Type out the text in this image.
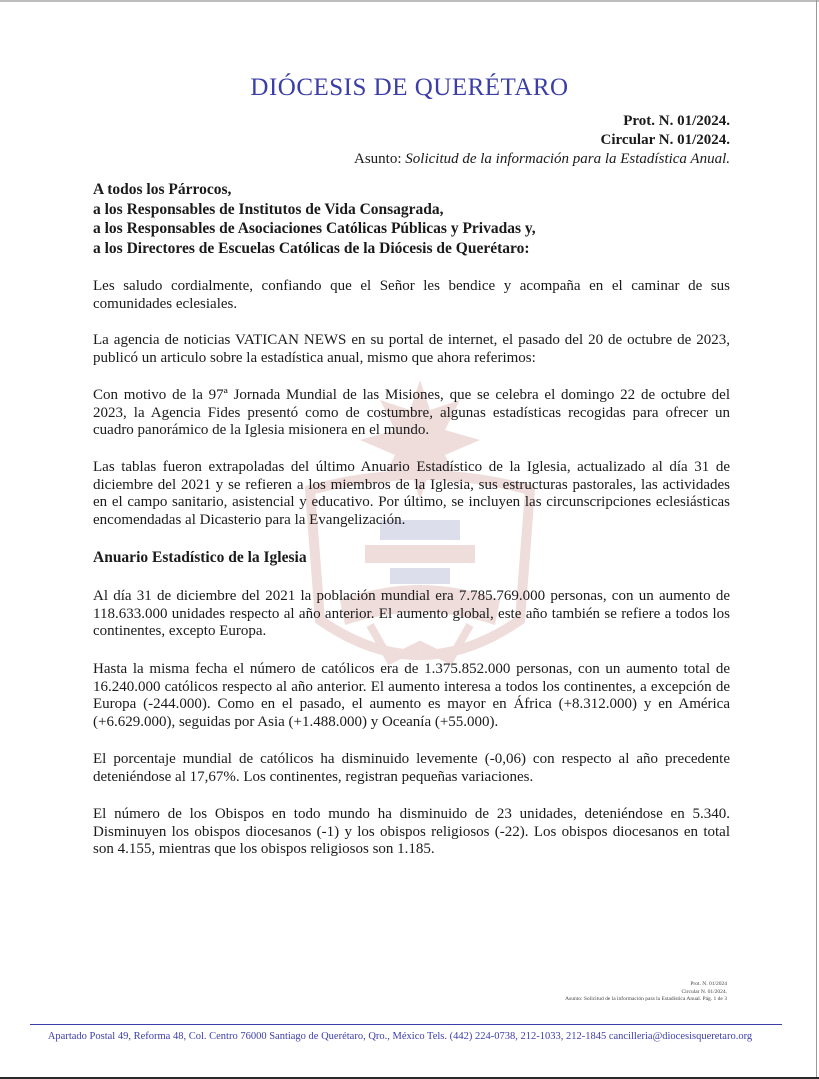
DIÓCESIS DE QUERÉTARO
Prot. N. 01/2024.
Circular N. 01/2024.
Asunto: Solicitud de la información para la Estadística Anual.
A todos los Párrocos,
a los Responsables de Institutos de Vida Consagrada,
a los Responsables de Asociaciones Católicas Públicas y Privadas y,
a los Directores de Escuelas Católicas de la Diócesis de Querétaro:
Les saludo cordialmente, confiando que el Señor les bendice y acompaña en el caminar de sus comunidades eclesiales.
La agencia de noticias VATICAN NEWS en su portal de internet, el pasado del 20 de octubre de 2023, publicó un articulo sobre la estadística anual, mismo que ahora referimos:
Con motivo de la 97ª Jornada Mundial de las Misiones, que se celebra el domingo 22 de octubre del 2023, la Agencia Fides presentó como de costumbre, algunas estadísticas recogidas para ofrecer un cuadro panorámico de la Iglesia misionera en el mundo.
Las tablas fueron extrapoladas del último Anuario Estadístico de la Iglesia, actualizado al día 31 de diciembre del 2021 y se refieren a los miembros de la Iglesia, sus estructuras pastorales, las actividades en el campo sanitario, asistencial y educativo. Por último, se incluyen las circunscripciones eclesiásticas encomendadas al Dicasterio para la Evangelización.
Anuario Estadístico de la Iglesia
Al día 31 de diciembre del 2021 la población mundial era 7.785.769.000 personas, con un aumento de 118.633.000 unidades respecto al año anterior. El aumento global, este año también se refiere a todos los continentes, excepto Europa.
Hasta la misma fecha el número de católicos era de 1.375.852.000 personas, con un aumento total de 16.240.000 católicos respecto al año anterior. El aumento interesa a todos los continentes, a excepción de Europa (-244.000). Como en el pasado, el aumento es mayor en África (+8.312.000) y en América (+6.629.000), seguidas por Asia (+1.488.000) y Oceanía (+55.000).
El porcentaje mundial de católicos ha disminuido levemente (-0,06) con respecto al año precedente deteniéndose al 17,67%. Los continentes, registran pequeñas variaciones.
El número de los Obispos en todo mundo ha disminuido de 23 unidades, deteniéndose en 5.340. Disminuyen los obispos diocesanos (-1) y los obispos religiosos (-22). Los obispos diocesanos en total son 4.155, mientras que los obispos religiosos son 1.185.
Prot. N. 01/2024
Circular N. 01/2024.
Asunto: Solicitud de la información para la Estadística Anual. Pág. 1 de 3
Apartado Postal 49, Reforma 48, Col. Centro 76000 Santiago de Querétaro, Qro., México Tels. (442) 224-0738, 212-1033, 212-1845 cancilleria@diocesisqueretaro.org
